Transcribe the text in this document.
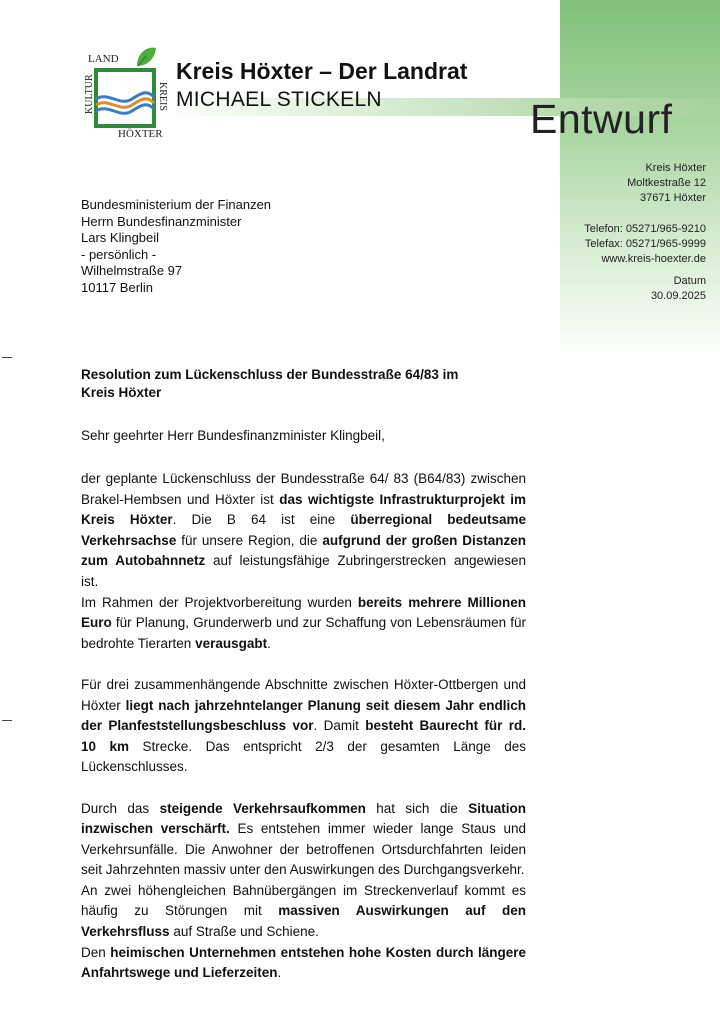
LAND
KULTUR	KREIS
HÖXTER
Kreis Höxter – Der Landrat
MICHAEL STICKELN	Entwurf
Kreis Höxter
Moltkestraße 12
37671 Höxter
Telefon: 05271/965-9210
Telefax: 05271/965-9999
www.kreis-hoexter.de
Datum
30.09.2025
Bundesministerium der Finanzen
Herrn Bundesfinanzminister
Lars Klingbeil
- persönlich -
Wilhelmstraße 97
10117 Berlin
Resolution zum Lückenschluss der Bundesstraße 64/83 im Kreis Höxter
Sehr geehrter Herr Bundesfinanzminister Klingbeil,

der geplante Lückenschluss der Bundesstraße 64/ 83 (B64/83) zwischen Brakel-Hembsen und Höxter ist das wichtigste Infrastrukturprojekt im Kreis Höxter. Die B 64 ist eine überregional bedeutsame Verkehrsachse für unsere Region, die aufgrund der großen Distanzen zum Autobahnnetz auf leistungsfähige Zubringerstrecken angewiesen ist.

Im Rahmen der Projektvorbereitung wurden bereits mehrere Millionen Euro für Planung, Grunderwerb und zur Schaffung von Lebensräumen für bedrohte Tierarten verausgabt.

Für drei zusammenhängende Abschnitte zwischen Höxter-Ottbergen und Höxter liegt nach jahrzehntelanger Planung seit diesem Jahr endlich der Planfeststellungsbeschluss vor. Damit besteht Baurecht für rd. 10 km Strecke. Das entspricht 2/3 der gesamten Länge des Lückenschlusses.

Durch das steigende Verkehrsaufkommen hat sich die Situation inzwischen verschärft. Es entstehen immer wieder lange Staus und Verkehrsunfälle. Die Anwohner der betroffenen Ortsdurchfahrten leiden seit Jahrzehnten massiv unter den Auswirkungen des Durchgangsverkehr.

An zwei höhengleichen Bahnübergängen im Streckenverlauf kommt es häufig zu Störungen mit massiven Auswirkungen auf den Verkehrsfluss auf Straße und Schiene.

Den heimischen Unternehmen entstehen hohe Kosten durch längere Anfahrtswege und Lieferzeiten.
